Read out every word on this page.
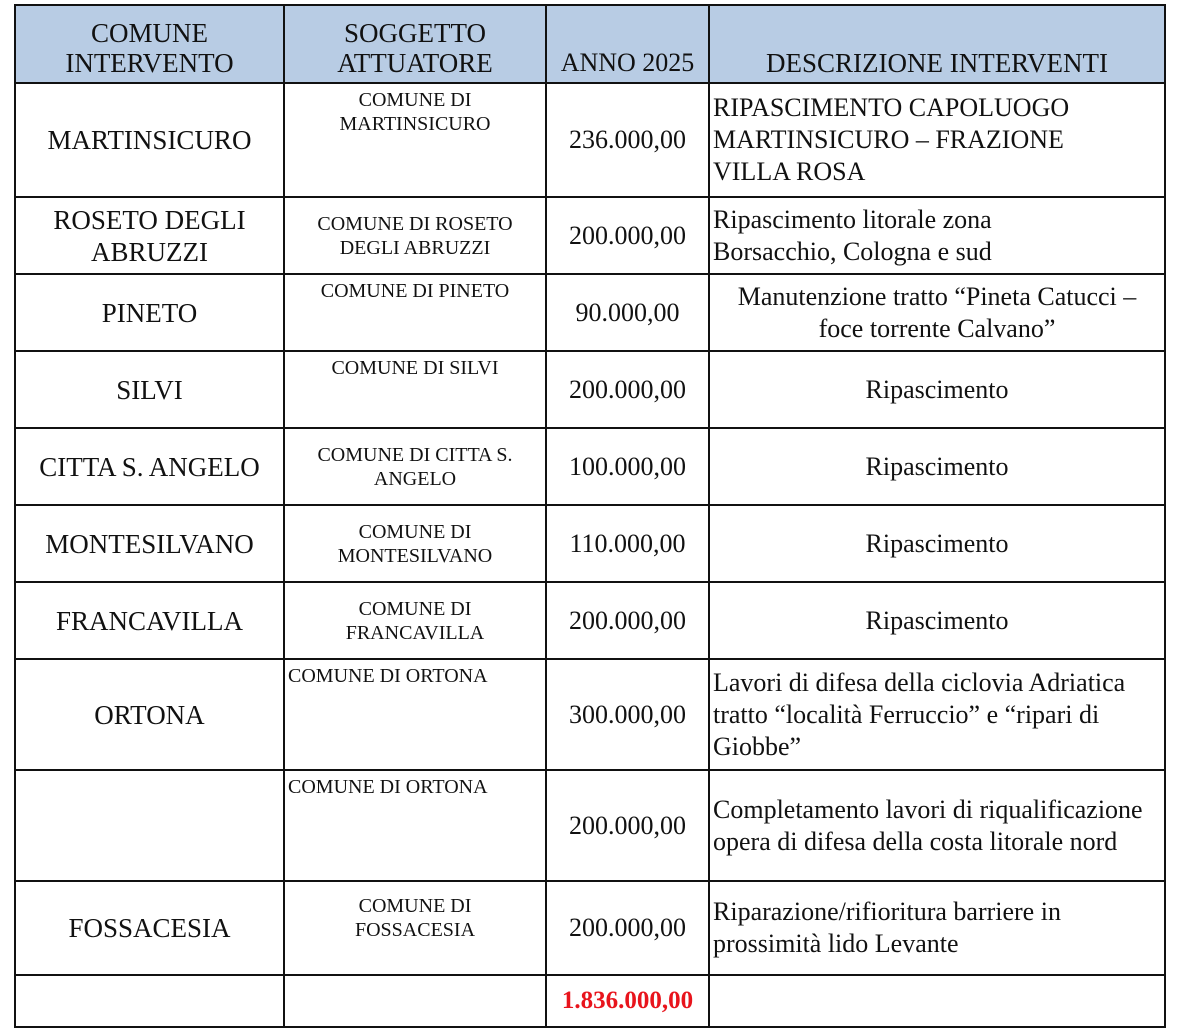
COMUNE INTERVENTO	SOGGETTO ATTUATORE	ANNO 2025	DESCRIZIONE INTERVENTI
MARTINSICURO	COMUNE DI MARTINSICURO	236.000,00	RIPASCIMENTO CAPOLUOGO MARTINSICURO – FRAZIONE VILLA ROSA
ROSETO DEGLI ABRUZZI	COMUNE DI ROSETO DEGLI ABRUZZI	200.000,00	Ripascimento litorale zona Borsacchio, Cologna e sud
PINETO	COMUNE DI PINETO	90.000,00	Manutenzione tratto “Pineta Catucci – foce torrente Calvano”
SILVI	COMUNE DI SILVI	200.000,00	Ripascimento
CITTA S. ANGELO	COMUNE DI CITTA S. ANGELO	100.000,00	Ripascimento
MONTESILVANO	COMUNE DI MONTESILVANO	110.000,00	Ripascimento
FRANCAVILLA	COMUNE DI FRANCAVILLA	200.000,00	Ripascimento
ORTONA	COMUNE DI ORTONA	300.000,00	Lavori di difesa della ciclovia Adriatica tratto “località Ferruccio” e “ripari di Giobbe”
	COMUNE DI ORTONA	200.000,00	Completamento lavori di riqualificazione opera di difesa della costa litorale nord
FOSSACESIA	COMUNE DI FOSSACESIA	200.000,00	Riparazione/rifioritura barriere in prossimità lido Levante
		1.836.000,00	
